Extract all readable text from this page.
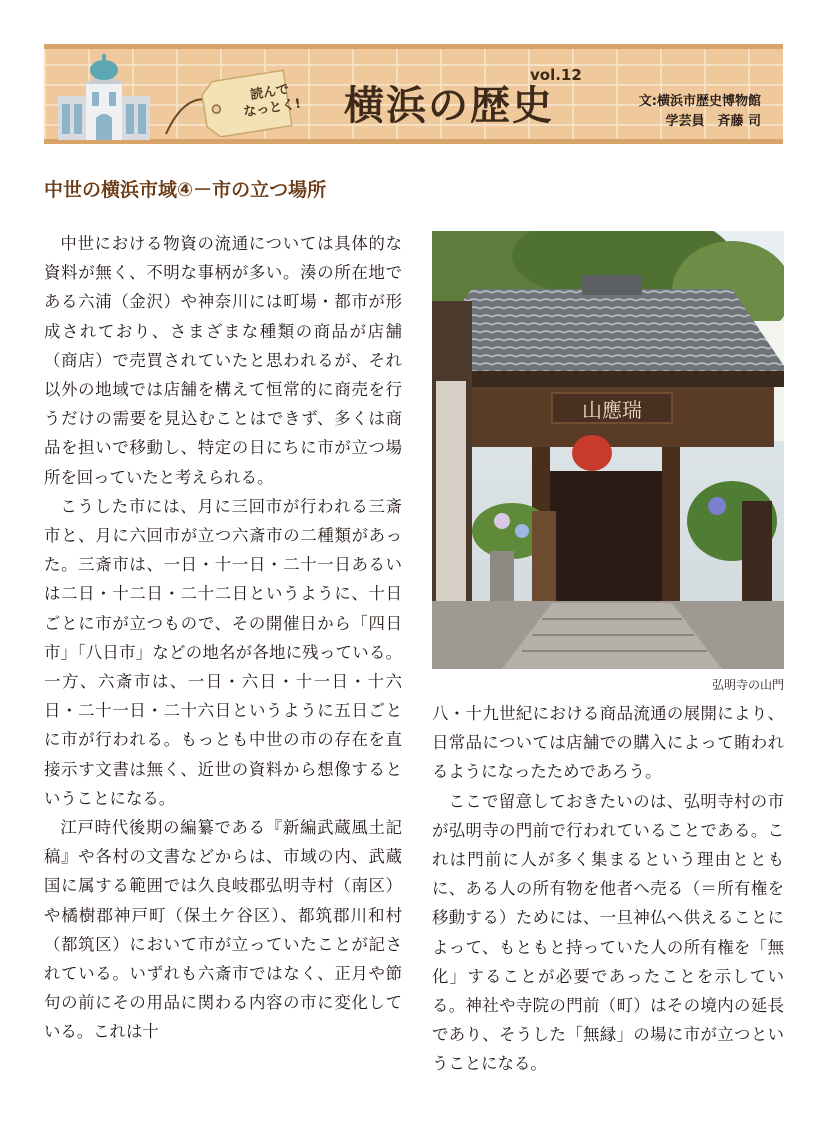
読んで
なっとく!	横浜の歴史
vol.12
文:横浜市歴史博物館
学芸員　斉藤 司
中世の横浜市域④－市の立つ場所

中世における物資の流通については具体的な資料が無く、不明な事柄が多い。湊の所在地である六浦（金沢）や神奈川には町場・都市が形成されており、さまざまな種類の商品が店舗（商店）で売買されていたと思われるが、それ以外の地域では店舗を構えて恒常的に商売を行うだけの需要を見込むことはできず、多くは商品を担いで移動し、特定の日にちに市が立つ場所を回っていたと考えられる。

こうした市には、月に三回市が行われる三斎市と、月に六回市が立つ六斎市の二種類があった。三斎市は、一日・十一日・二十一日あるいは二日・十二日・二十二日というように、十日ごとに市が立つもので、その開催日から「四日市」「八日市」などの地名が各地に残っている。一方、六斎市は、一日・六日・十一日・十六日・二十一日・二十六日というように五日ごとに市が行われる。もっとも中世の市の存在を直接示す文書は無く、近世の資料から想像するということになる。

江戸時代後期の編纂である『新編武蔵風土記稿』や各村の文書などからは、市域の内、武蔵国に属する範囲では久良岐郡弘明寺村（南区）や橘樹郡神戸町（保土ケ谷区）、都筑郡川和村（都筑区）において市が立っていたことが記されている。いずれも六斎市ではなく、正月や節句の前にその用品に関わる内容の市に変化している。これは十

山應瑞
弘明寺の山門

八・十九世紀における商品流通の展開により、日常品については店舗での購入によって賄われるようになったためであろう。

ここで留意しておきたいのは、弘明寺村の市が弘明寺の門前で行われていることである。これは門前に人が多く集まるという理由とともに、ある人の所有物を他者へ売る（＝所有権を移動する）ためには、一旦神仏へ供えることによって、もともと持っていた人の所有権を「無化」することが必要であったことを示している。神社や寺院の門前（町）はその境内の延長であり、そうした「無縁」の場に市が立つということになる。
